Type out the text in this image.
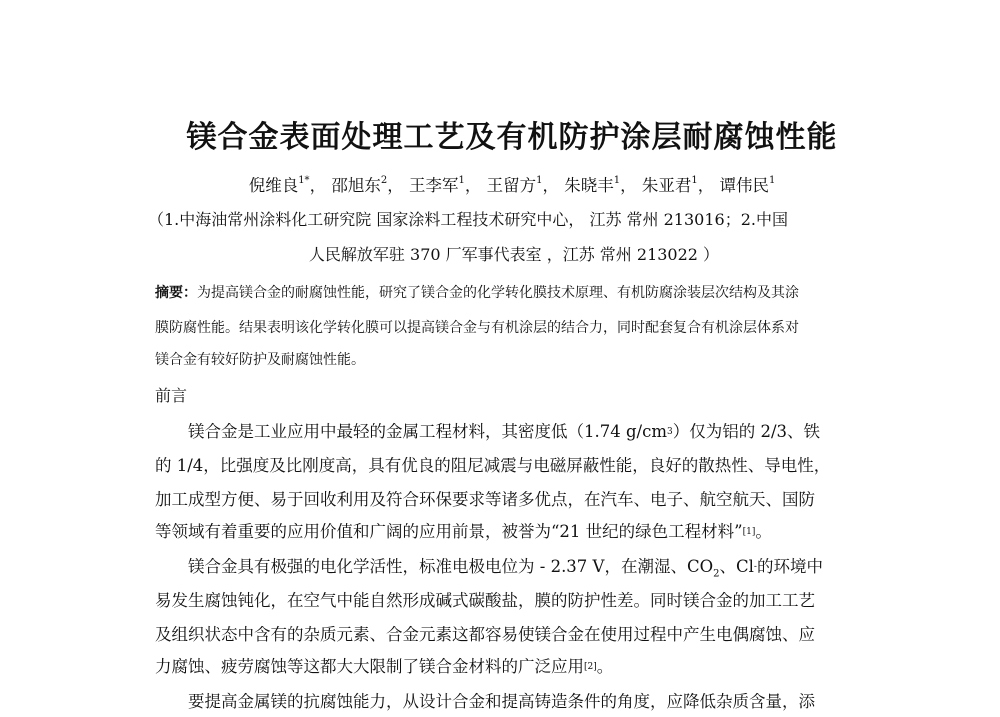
镁合金表面处理工艺及有机防护涂层耐腐蚀性能
倪维良$^{1*}$， 邵旭东$^2$， 王李军$^1$， 王留方$^1$， 朱晓丰$^1$， 朱亚君$^1$， 谭伟民$^1$
（1.中海油常州涂料化工研究院 国家涂料工程技术研究中心， 江苏 常州 213016；2.中国
人民解放军驻 370 厂军事代表室 ，江苏 常州 213022 ）
摘要：为提高镁合金的耐腐蚀性能，研究了镁合金的化学转化膜技术原理、有机防腐涂装层次结构及其涂
膜防腐性能。结果表明该化学转化膜可以提高镁合金与有机涂层的结合力，同时配套复合有机涂层体系对
镁合金有较好防护及耐腐蚀性能。
前言
镁合金是工业应用中最轻的金属工程材料，其密度低（1.74 g/cm$^3$）仅为铝的 2/3、铁
的 1/4，比强度及比刚度高，具有优良的阻尼减震与电磁屏蔽性能，良好的散热性、导电性，
加工成型方便、易于回收利用及符合环保要求等诸多优点，在汽车、电子、航空航天、国防
等领域有着重要的应用价值和广阔的应用前景，被誉为“21 世纪的绿色工程材料”[1]。
镁合金具有极强的电化学活性，标准电极电位为 - 2.37 V，在潮湿、$CO_2$、Cl-的环境中
易发生腐蚀钝化，在空气中能自然形成碱式碳酸盐，膜的防护性差。同时镁合金的加工工艺
及组织状态中含有的杂质元素、合金元素这都容易使镁合金在使用过程中产生电偶腐蚀、应
力腐蚀、疲劳腐蚀等这都大大限制了镁合金材料的广泛应用[2]。
要提高金属镁的抗腐蚀能力，从设计合金和提高铸造条件的角度，应降低杂质含量，添
